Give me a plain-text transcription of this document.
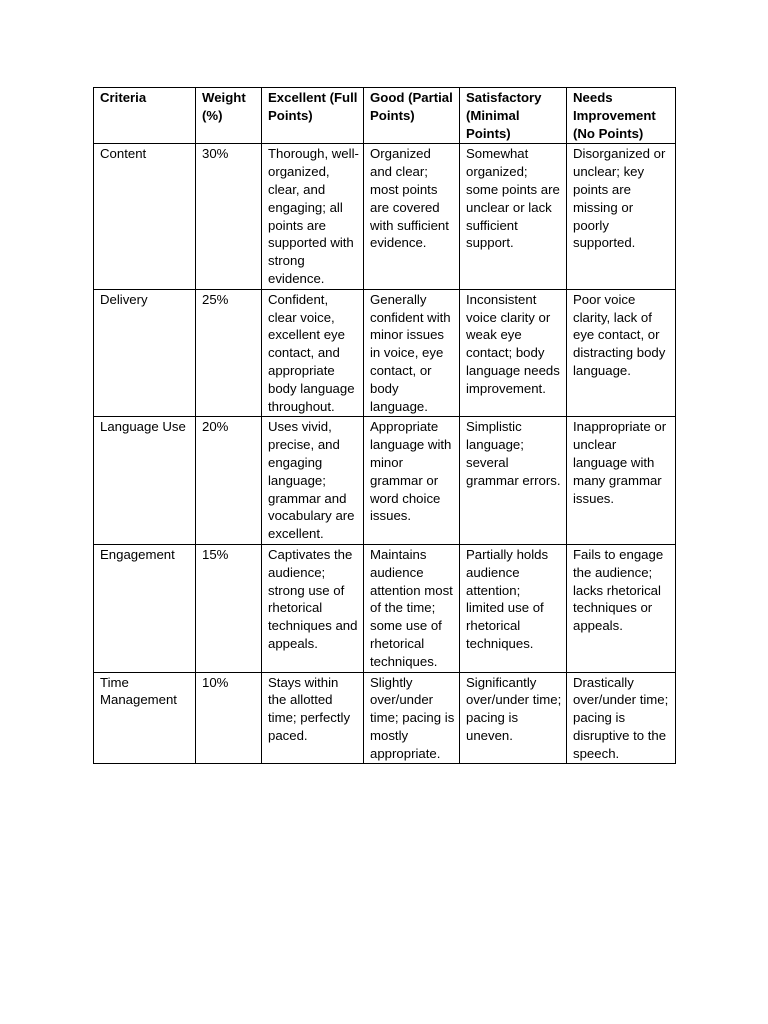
Criteria	Weight (%)	Excellent (Full Points)	Good (Partial Points)	Satisfactory (Minimal Points)	Needs Improvement (No Points)
Content	30%	Thorough, well-organized, clear, and engaging; all points are supported with strong evidence.	Organized and clear; most points are covered with sufficient evidence.	Somewhat organized; some points are unclear or lack sufficient support.	Disorganized or unclear; key points are missing or poorly supported.
Delivery	25%	Confident, clear voice, excellent eye contact, and appropriate body language throughout.	Generally confident with minor issues in voice, eye contact, or body language.	Inconsistent voice clarity or weak eye contact; body language needs improvement.	Poor voice clarity, lack of eye contact, or distracting body language.
Language Use	20%	Uses vivid, precise, and engaging language; grammar and vocabulary are excellent.	Appropriate language with minor grammar or word choice issues.	Simplistic language; several grammar errors.	Inappropriate or unclear language with many grammar issues.
Engagement	15%	Captivates the audience; strong use of rhetorical techniques and appeals.	Maintains audience attention most of the time; some use of rhetorical techniques.	Partially holds audience attention; limited use of rhetorical techniques.	Fails to engage the audience; lacks rhetorical techniques or appeals.
Time Management	10%	Stays within the allotted time; perfectly paced.	Slightly over/under time; pacing is mostly appropriate.	Significantly over/under time; pacing is uneven.	Drastically over/under time; pacing is disruptive to the speech.
